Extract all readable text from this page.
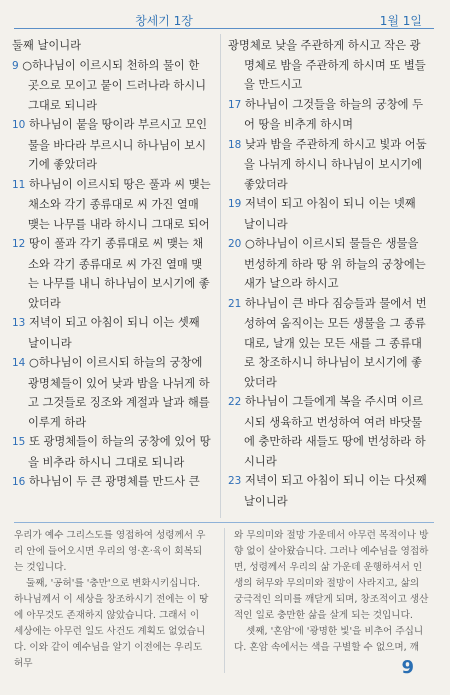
창세기 1장	1월 1일
둘째 날이니라
9 ○하나님이 이르시되 천하의 물이 한 곳으로 모이고 뭍이 드러나라 하시니 그대로 되니라
10 하나님이 뭍을 땅이라 부르시고 모인 물을 바다라 부르시니 하나님이 보시기에 좋았더라
11 하나님이 이르시되 땅은 풀과 씨 맺는 채소와 각기 종류대로 씨 가진 열매 맺는 나무를 내라 하시니 그대로 되어
12 땅이 풀과 각기 종류대로 씨 맺는 채소와 각기 종류대로 씨 가진 열매 맺는 나무를 내니 하나님이 보시기에 좋았더라
13 저녁이 되고 아침이 되니 이는 셋째 날이니라
14 ○하나님이 이르시되 하늘의 궁창에 광명체들이 있어 낮과 밤을 나뉘게 하고 그것들로 징조와 계절과 날과 해를 이루게 하라
15 또 광명체들이 하늘의 궁창에 있어 땅을 비추라 하시니 그대로 되니라
16 하나님이 두 큰 광명체를 만드사 큰
광명체로 낮을 주관하게 하시고 작은 광명체로 밤을 주관하게 하시며 또 별들을 만드시고
17 하나님이 그것들을 하늘의 궁창에 두어 땅을 비추게 하시며
18 낮과 밤을 주관하게 하시고 빛과 어둠을 나뉘게 하시니 하나님이 보시기에 좋았더라
19 저녁이 되고 아침이 되니 이는 넷째 날이니라
20 ○하나님이 이르시되 물들은 생물을 번성하게 하라 땅 위 하늘의 궁창에는 새가 날으라 하시고
21 하나님이 큰 바다 짐승들과 물에서 번성하여 움직이는 모든 생물을 그 종류대로, 날개 있는 모든 새를 그 종류대로 창조하시니 하나님이 보시기에 좋았더라
22 하나님이 그들에게 복을 주시며 이르시되 생육하고 번성하여 여러 바닷물에 충만하라 새들도 땅에 번성하라 하시니라
23 저녁이 되고 아침이 되니 이는 다섯째 날이니라

우리가 예수 그리스도를 영접하여 성령께서 우리 안에 들어오시면 우리의 영·혼·육이 회복되는 것입니다.

둘째, '공허'를 '충만'으로 변화시키십니다. 하나님께서 이 세상을 창조하시기 전에는 이 땅에 아무것도 존재하지 않았습니다. 그래서 이 세상에는 아무런 일도 사건도 계획도 없었습니다. 이와 같이 예수님을 알기 이전에는 우리도 허무

와 무의미와 절망 가운데서 아무런 목적이나 방향 없이 살아왔습니다. 그러나 예수님을 영접하면, 성령께서 우리의 삶 가운데 운행하셔서 인생의 허무와 무의미와 절망이 사라지고, 삶의 궁극적인 의미를 깨닫게 되며, 창조적이고 생산적인 일로 충만한 삶을 살게 되는 것입니다.

셋째, '혼암'에 '광명한 빛'을 비추어 주십니다. 혼암 속에서는 색을 구별할 수 없으며, 깨

9
